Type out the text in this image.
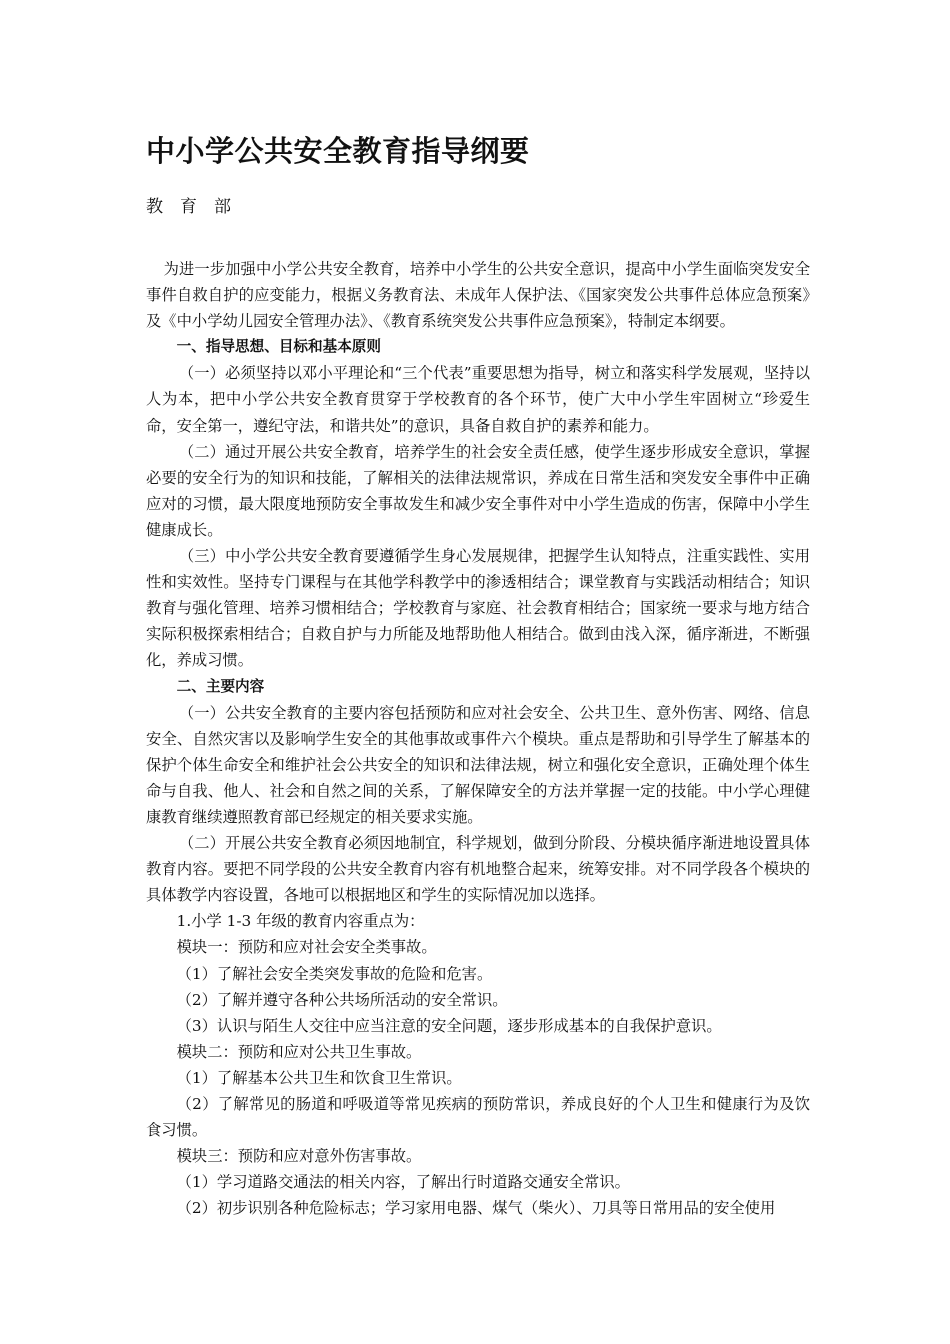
中小学公共安全教育指导纲要
教育部

为进一步加强中小学公共安全教育，培养中小学生的公共安全意识，提高中小学生面临突发安全事件自救自护的应变能力，根据义务教育法、未成年人保护法、《国家突发公共事件总体应急预案》及《中小学幼儿园安全管理办法》、《教育系统突发公共事件应急预案》，特制定本纲要。

一、指导思想、目标和基本原则

（一）必须坚持以邓小平理论和“三个代表”重要思想为指导，树立和落实科学发展观，坚持以人为本，把中小学公共安全教育贯穿于学校教育的各个环节，使广大中小学生牢固树立“珍爱生命，安全第一，遵纪守法，和谐共处”的意识，具备自救自护的素养和能力。

（二）通过开展公共安全教育，培养学生的社会安全责任感，使学生逐步形成安全意识，掌握必要的安全行为的知识和技能，了解相关的法律法规常识，养成在日常生活和突发安全事件中正确应对的习惯，最大限度地预防安全事故发生和减少安全事件对中小学生造成的伤害，保障中小学生健康成长。

（三）中小学公共安全教育要遵循学生身心发展规律，把握学生认知特点，注重实践性、实用性和实效性。坚持专门课程与在其他学科教学中的渗透相结合；课堂教育与实践活动相结合；知识教育与强化管理、培养习惯相结合；学校教育与家庭、社会教育相结合；国家统一要求与地方结合实际积极探索相结合；自救自护与力所能及地帮助他人相结合。做到由浅入深，循序渐进，不断强化，养成习惯。

二、主要内容

（一）公共安全教育的主要内容包括预防和应对社会安全、公共卫生、意外伤害、网络、信息安全、自然灾害以及影响学生安全的其他事故或事件六个模块。重点是帮助和引导学生了解基本的保护个体生命安全和维护社会公共安全的知识和法律法规，树立和强化安全意识，正确处理个体生命与自我、他人、社会和自然之间的关系，了解保障安全的方法并掌握一定的技能。中小学心理健康教育继续遵照教育部已经规定的相关要求实施。

（二）开展公共安全教育必须因地制宜，科学规划，做到分阶段、分模块循序渐进地设置具体教育内容。要把不同学段的公共安全教育内容有机地整合起来，统筹安排。对不同学段各个模块的具体教学内容设置，各地可以根据地区和学生的实际情况加以选择。

1.小学 1-3 年级的教育内容重点为：

模块一：预防和应对社会安全类事故。

（1）了解社会安全类突发事故的危险和危害。

（2）了解并遵守各种公共场所活动的安全常识。

（3）认识与陌生人交往中应当注意的安全问题，逐步形成基本的自我保护意识。

模块二：预防和应对公共卫生事故。

（1）了解基本公共卫生和饮食卫生常识。

（2）了解常见的肠道和呼吸道等常见疾病的预防常识，养成良好的个人卫生和健康行为及饮食习惯。

模块三：预防和应对意外伤害事故。

（1）学习道路交通法的相关内容，了解出行时道路交通安全常识。

（2）初步识别各种危险标志；学习家用电器、煤气（柴火）、刀具等日常用品的安全使用
